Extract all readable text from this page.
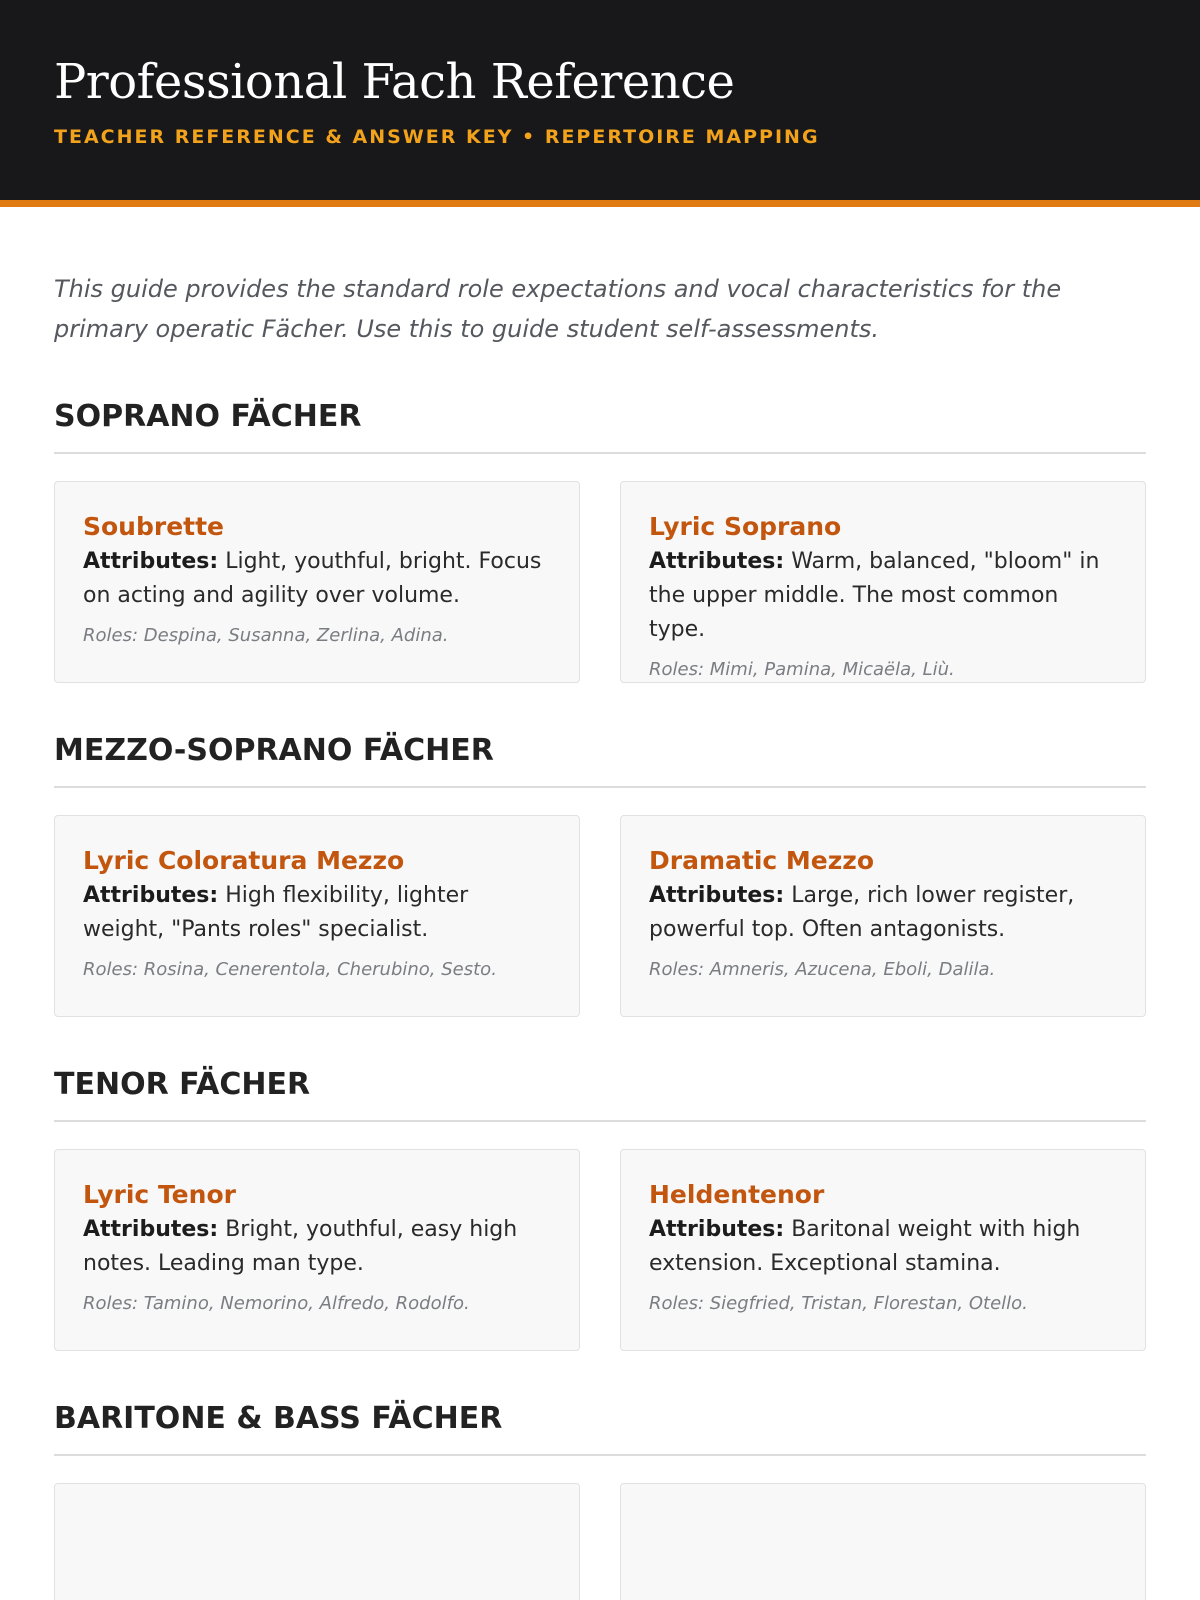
Professional Fach Reference
TEACHER REFERENCE & ANSWER KEY • REPERTOIRE MAPPING

This guide provides the standard role expectations and vocal characteristics for the primary operatic Fächer. Use this to guide student self-assessments.

SOPRANO FÄCHER
Soubrette
Attributes: Light, youthful, bright. Focus on acting and agility over volume.
Roles: Despina, Susanna, Zerlina, Adina.
Lyric Soprano
Attributes: Warm, balanced, "bloom" in the upper middle. The most common type.
Roles: Mimi, Pamina, Micaëla, Liù.
MEZZO-SOPRANO FÄCHER
Lyric Coloratura Mezzo
Attributes: High flexibility, lighter weight, "Pants roles" specialist.
Roles: Rosina, Cenerentola, Cherubino, Sesto.
Dramatic Mezzo
Attributes: Large, rich lower register, powerful top. Often antagonists.
Roles: Amneris, Azucena, Eboli, Dalila.
TENOR FÄCHER
Lyric Tenor
Attributes: Bright, youthful, easy high notes. Leading man type.
Roles: Tamino, Nemorino, Alfredo, Rodolfo.
Heldentenor
Attributes: Baritonal weight with high extension. Exceptional stamina.
Roles: Siegfried, Tristan, Florestan, Otello.
BARITONE & BASS FÄCHER
